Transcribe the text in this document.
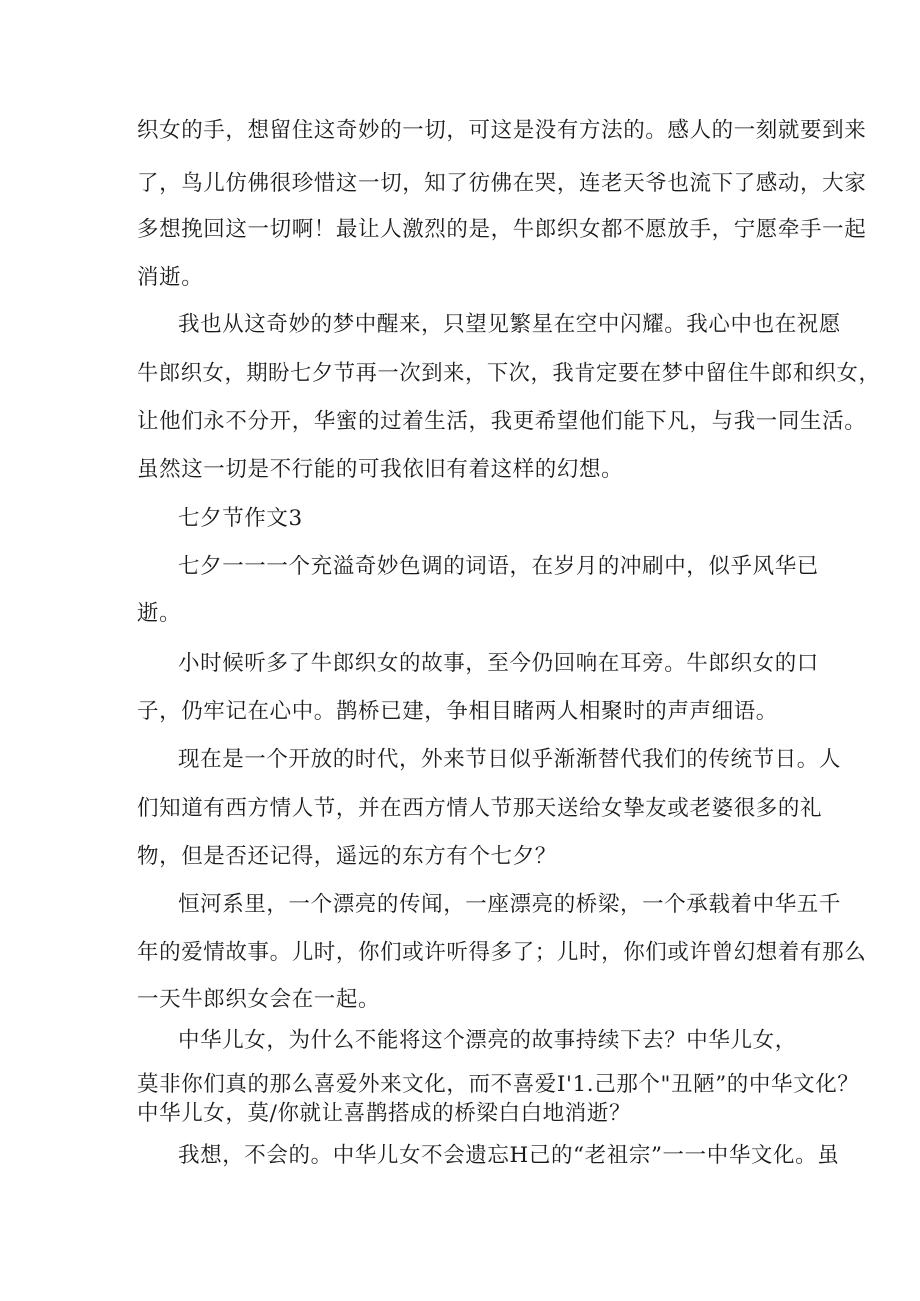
织女的手，想留住这奇妙的一切，可这是没有方法的。感人的一刻就要到来
了，鸟儿仿佛很珍惜这一切，知了彷佛在哭，连老天爷也流下了感动，大家
多想挽回这一切啊！最让人激烈的是，牛郎织女都不愿放手，宁愿牵手一起
消逝。
我也从这奇妙的梦中醒来，只望见繁星在空中闪耀。我心中也在祝愿
牛郎织女，期盼七夕节再一次到来，下次，我肯定要在梦中留住牛郎和织女，
让他们永不分开，华蜜的过着生活，我更希望他们能下凡，与我一同生活。
虽然这一切是不行能的可我依旧有着这样的幻想。
七夕节作文3
七夕一一一个充溢奇妙色调的词语，在岁月的冲刷中，似乎风华已
逝。
小时候听多了牛郎织女的故事，至今仍回响在耳旁。牛郎织女的口
子，仍牢记在心中。鹊桥已建，争相目睹两人相聚时的声声细语。
现在是一个开放的时代，外来节日似乎渐渐替代我们的传统节日。人
们知道有西方情人节，并在西方情人节那天送给女挚友或老婆很多的礼
物，但是否还记得，遥远的东方有个七夕？
恒河系里，一个漂亮的传闻，一座漂亮的桥梁，一个承载着中华五千
年的爱情故事。儿时，你们或许听得多了；儿时，你们或许曾幻想着有那么
一天牛郎织女会在一起。
中华儿女，为什么不能将这个漂亮的故事持续下去？中华儿女，
莫非你们真的那么喜爱外来文化，而不喜爱I'1.己那个"丑陋”的中华文化？
中华儿女，莫/你就让喜鹊搭成的桥梁白白地消逝？
我想，不会的。中华儿女不会遗忘H己的“老祖宗”一一中华文化。虽
